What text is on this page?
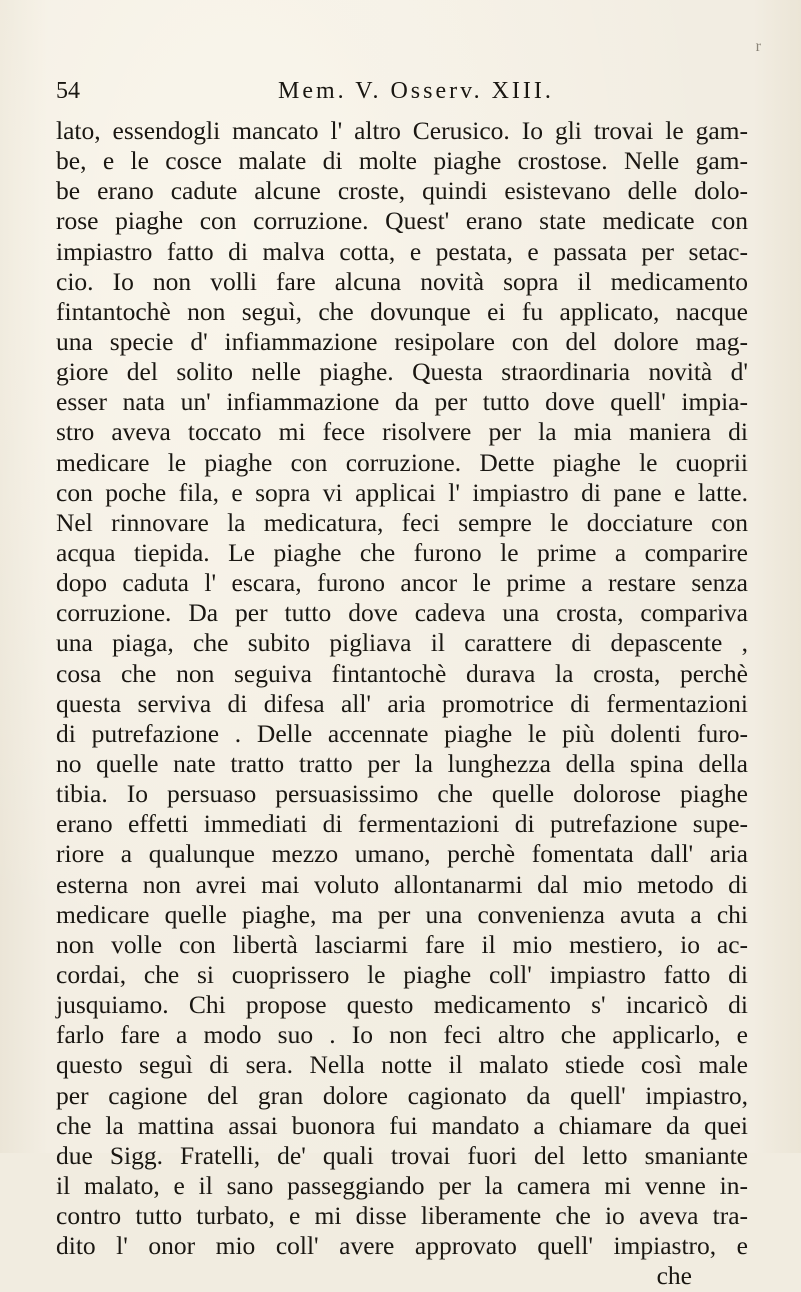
r
54	Mem. V. Osserv. XIII.
lato, essendogli mancato l' altro Cerusico. Io gli trovai le gam-
be, e le cosce malate di molte piaghe crostose. Nelle gam-
be erano cadute alcune croste, quindi esistevano delle dolo-
rose piaghe con corruzione. Quest' erano state medicate con
impiastro fatto di malva cotta, e pestata, e passata per setac-
cio. Io non volli fare alcuna novità sopra il medicamento
fintantochè non seguì, che dovunque ei fu applicato, nacque
una specie d' infiammazione resipolare con del dolore mag-
giore del solito nelle piaghe. Questa straordinaria novità d'
esser nata un' infiammazione da per tutto dove quell' impia-
stro aveva toccato mi fece risolvere per la mia maniera di
medicare le piaghe con corruzione. Dette piaghe le cuoprii
con poche fila, e sopra vi applicai l' impiastro di pane e latte.
Nel rinnovare la medicatura, feci sempre le docciature con
acqua tiepida. Le piaghe che furono le prime a comparire
dopo caduta l' escara, furono ancor le prime a restare senza
corruzione. Da per tutto dove cadeva una crosta, compariva
una piaga, che subito pigliava il carattere di depascente ,
cosa che non seguiva fintantochè durava la crosta, perchè
questa serviva di difesa all' aria promotrice di fermentazioni
di putrefazione . Delle accennate piaghe le più dolenti furo-
no quelle nate tratto tratto per la lunghezza della spina della
tibia. Io persuaso persuasissimo che quelle dolorose piaghe
erano effetti immediati di fermentazioni di putrefazione supe-
riore a qualunque mezzo umano, perchè fomentata dall' aria
esterna non avrei mai voluto allontanarmi dal mio metodo di
medicare quelle piaghe, ma per una convenienza avuta a chi
non volle con libertà lasciarmi fare il mio mestiero, io ac-
cordai, che si cuoprissero le piaghe coll' impiastro fatto di
jusquiamo. Chi propose questo medicamento s' incaricò di
farlo fare a modo suo . Io non feci altro che applicarlo, e
questo seguì di sera. Nella notte il malato stiede così male
per cagione del gran dolore cagionato da quell' impiastro,
che la mattina assai buonora fui mandato a chiamare da quei
due Sigg. Fratelli, de' quali trovai fuori del letto smaniante
il malato, e il sano passeggiando per la camera mi venne in-
contro tutto turbato, e mi disse liberamente che io aveva tra-
dito l' onor mio coll' avere approvato quell' impiastro, e
che
